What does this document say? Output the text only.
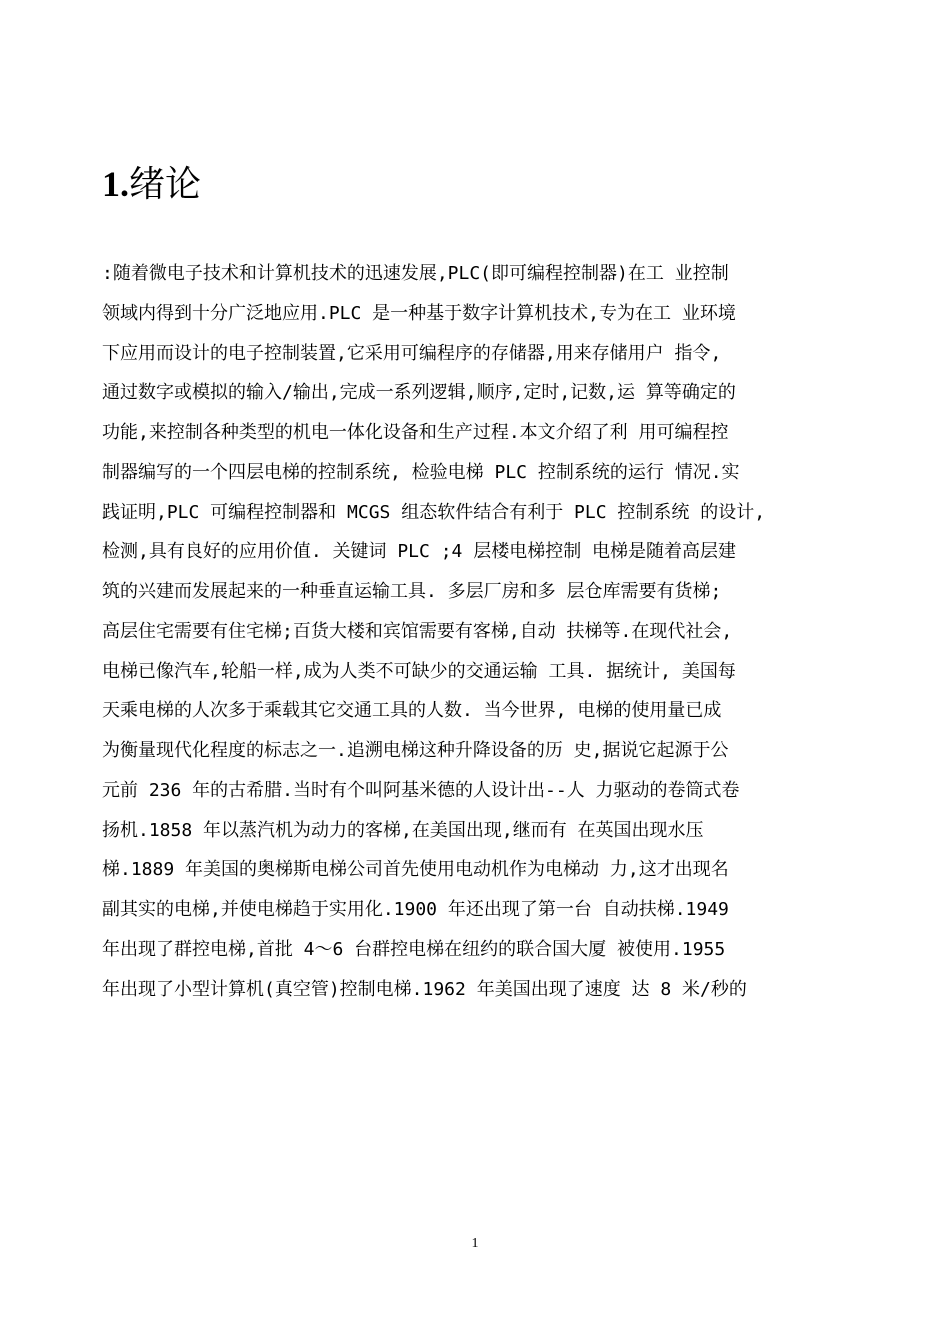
1.绪论
:随着微电子技术和计算机技术的迅速发展,PLC(即可编程控制器)在工 业控制
领域内得到十分广泛地应用.PLC 是一种基于数字计算机技术,专为在工 业环境
下应用而设计的电子控制装置,它采用可编程序的存储器,用来存储用户 指令,
通过数字或模拟的输入/输出,完成一系列逻辑,顺序,定时,记数,运 算等确定的
功能,来控制各种类型的机电一体化设备和生产过程.本文介绍了利 用可编程控
制器编写的一个四层电梯的控制系统, 检验电梯 PLC 控制系统的运行 情况.实
践证明,PLC 可编程控制器和 MCGS 组态软件结合有利于 PLC 控制系统 的设计,
检测,具有良好的应用价值. 关键词 PLC ;4 层楼电梯控制 电梯是随着高层建
筑的兴建而发展起来的一种垂直运输工具. 多层厂房和多 层仓库需要有货梯;
高层住宅需要有住宅梯;百货大楼和宾馆需要有客梯,自动 扶梯等.在现代社会,
电梯已像汽车,轮船一样,成为人类不可缺少的交通运输 工具. 据统计, 美国每
天乘电梯的人次多于乘载其它交通工具的人数. 当今世界, 电梯的使用量已成
为衡量现代化程度的标志之一.追溯电梯这种升降设备的历 史,据说它起源于公
元前 236 年的古希腊.当时有个叫阿基米德的人设计出--人 力驱动的卷筒式卷
扬机.1858 年以蒸汽机为动力的客梯,在美国出现,继而有 在英国出现水压
梯.1889 年美国的奥梯斯电梯公司首先使用电动机作为电梯动 力,这才出现名
副其实的电梯,并使电梯趋于实用化.1900 年还出现了第一台 自动扶梯.1949
年出现了群控电梯,首批 4～6 台群控电梯在纽约的联合国大厦 被使用.1955
年出现了小型计算机(真空管)控制电梯.1962 年美国出现了速度 达 8 米/秒的
1
